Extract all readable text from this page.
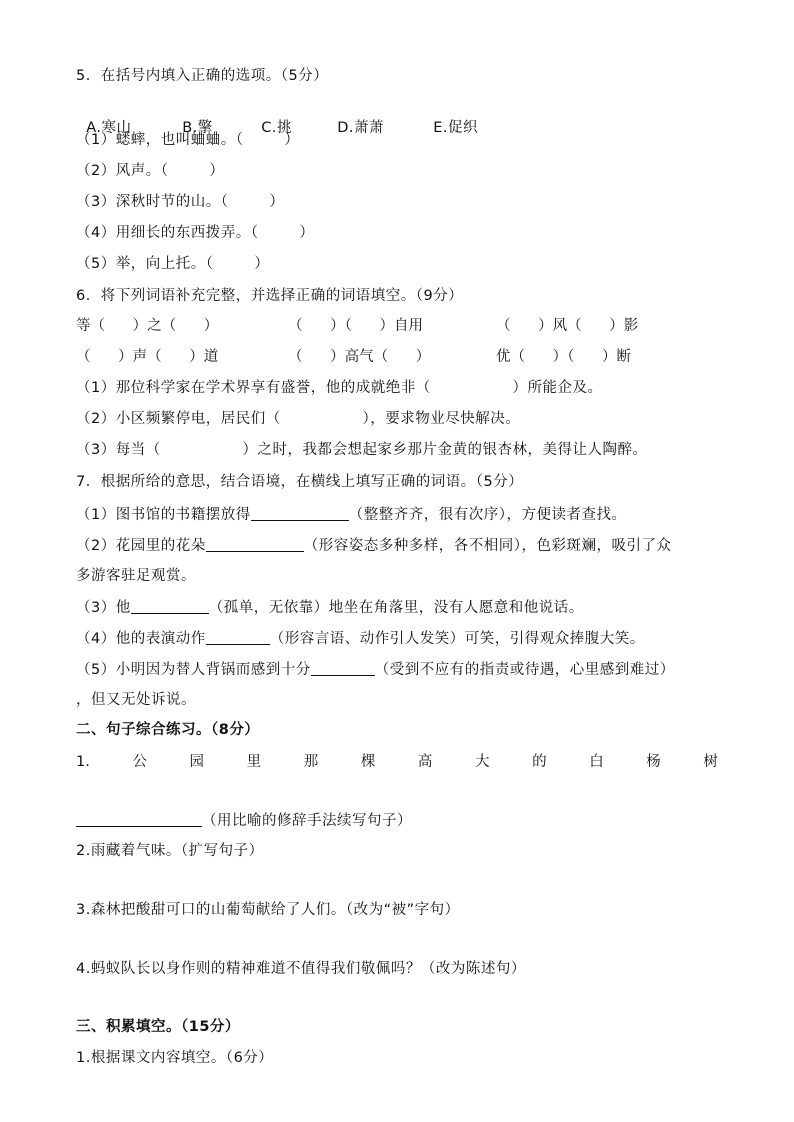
5．在括号内填入正确的选项。（5分）

A.寒山	B.擎	C.挑	D.萧萧	E.促织

（1）蟋蟀，也叫蛐蛐。（        ）
（2）风声。（        ）
（3）深秋时节的山。（        ）
（4）用细长的东西拨弄。（        ）
（5）举，向上托。（        ）
6．将下列词语补充完整，并选择正确的词语填空。（9分）
等（      ）之（      ）	（      ）（      ）自用	（      ）风（      ）影
（      ）声（      ）道	（      ）高气（      ）	优（      ）（      ）断
（1）那位科学家在学术界享有盛誉，他的成就绝非（                ）所能企及。
（2）小区频繁停电，居民们（                ），要求物业尽快解决。
（3）每当（                ）之时，我都会想起家乡那片金黄的银杏林，美得让人陶醉。
7．根据所给的意思，结合语境，在横线上填写正确的词语。（5分）
（1）图书馆的书籍摆放得	（整整齐齐，很有次序），方便读者查找。
（2）花园里的花朵	（形容姿态多种多样，各不相同），色彩斑斓，吸引了众
多游客驻足观赏。
（3）他	（孤单，无依靠）地坐在角落里，没有人愿意和他说话。
（4）他的表演动作	（形容言语、动作引人发笑）可笑，引得观众捧腹大笑。
（5）小明因为替人背锅而感到十分	（受到不应有的指责或待遇，心里感到难过）
，但又无处诉说。
二、句子综合练习。（8分）
1.	公	园	里	那	棵	高	大	的	白	杨	树
（用比喻的修辞手法续写句子）
2.雨藏着气味。（扩写句子）
3.森林把酸甜可口的山葡萄献给了人们。（改为“被”字句）
4.蚂蚁队长以身作则的精神难道不值得我们敬佩吗？（改为陈述句）
三、积累填空。（15分）
1.根据课文内容填空。（6分）
